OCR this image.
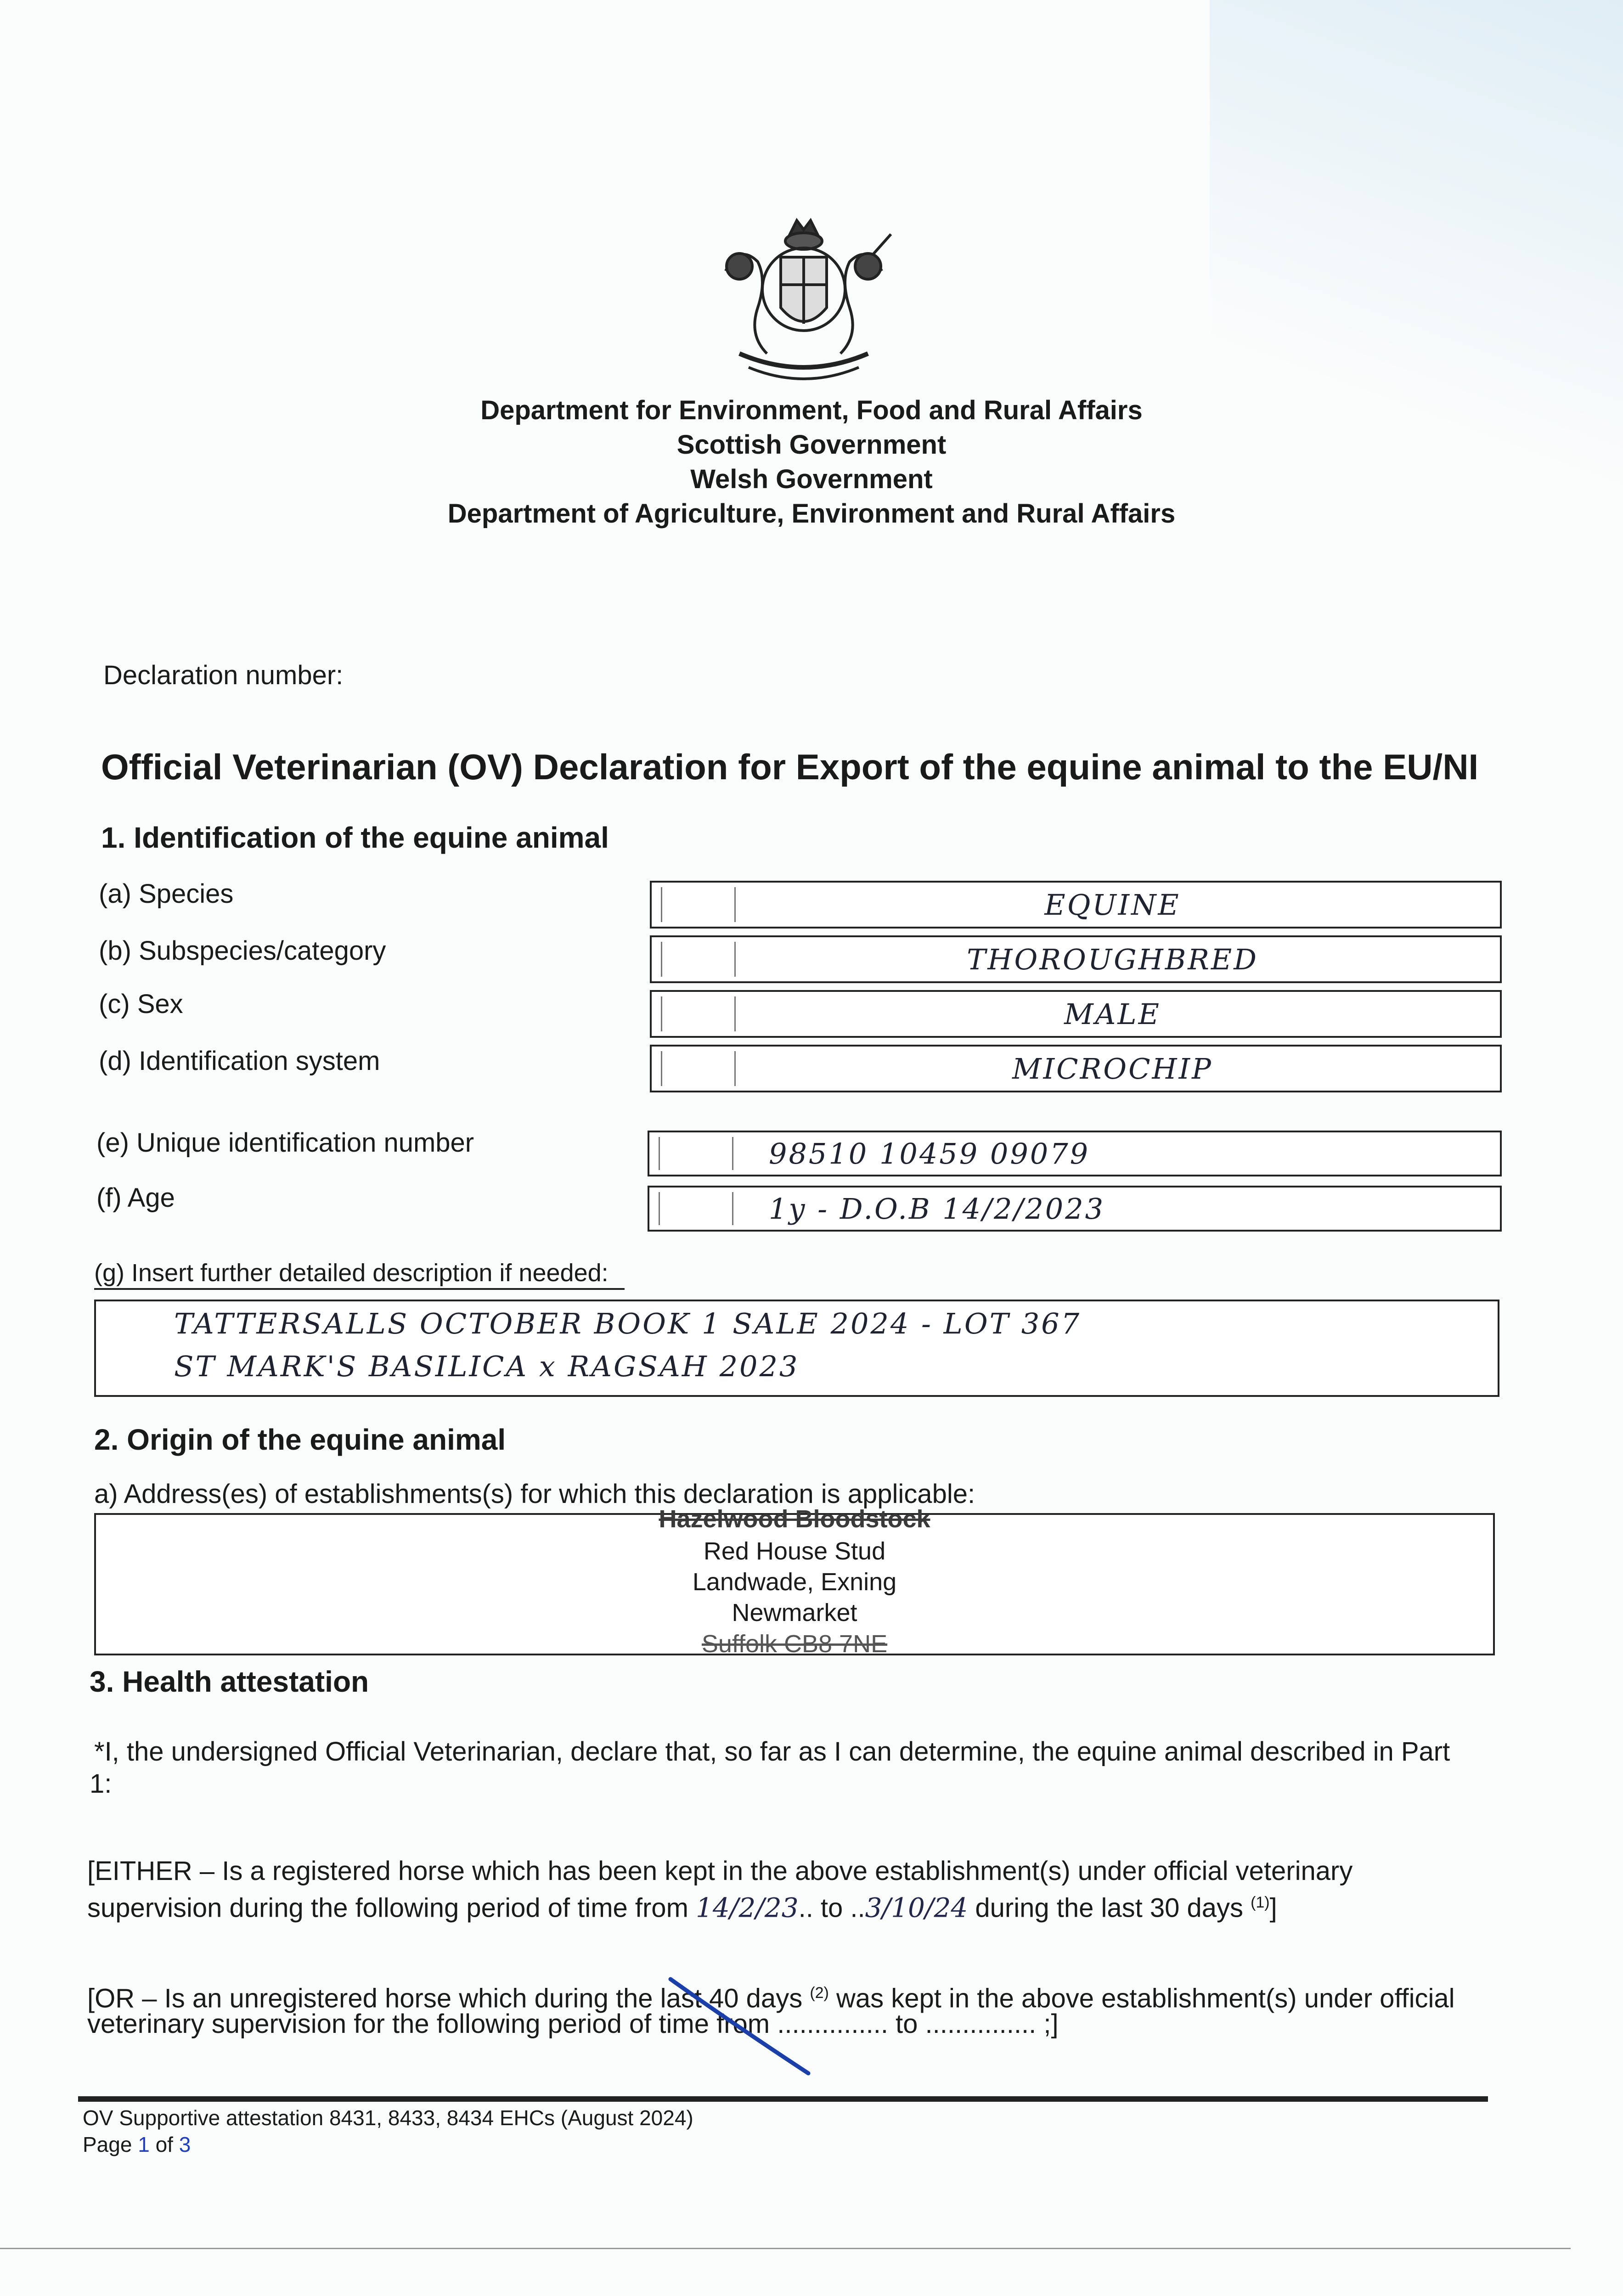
Department for Environment, Food and Rural Affairs
Scottish Government
Welsh Government
Department of Agriculture, Environment and Rural Affairs
Declaration number:
Official Veterinarian (OV) Declaration for Export of the equine animal to the EU/NI
1. Identification of the equine animal
(a) Species	EQUINE
(b) Subspecies/category	THOROUGHBRED
(c) Sex	MALE
(d) Identification system	MICROCHIP
(e) Unique identification number	98510 10459 09079
(f) Age	1y - D.O.B 14/2/2023
(g) Insert further detailed description if needed:
TATTERSALLS OCTOBER BOOK 1 SALE 2024 - LOT 367
ST MARK'S BASILICA x RAGSAH 2023
2. Origin of the equine animal
a) Address(es) of establishments(s) for which this declaration is applicable:
Hazelwood Bloodstock
Red House Stud
Landwade, Exning
Newmarket
Suffolk CB8 7NE
3. Health attestation
*I, the undersigned Official Veterinarian, declare that, so far as I can determine, the equine animal described in Part
1:
[EITHER – Is a registered horse which has been kept in the above establishment(s) under official veterinary
supervision during the following period of time from 14/2/23.. to ..3/10/24 during the last 30 days $^{(1)}$]
[OR – Is an unregistered horse which during the last 40 days $^{(2)}$ was kept in the above establishment(s) under official
veterinary supervision for the following period of time from ............... to ............... ;]
OV Supportive attestation 8431, 8433, 8434 EHCs (August 2024)
Page 1 of 3
